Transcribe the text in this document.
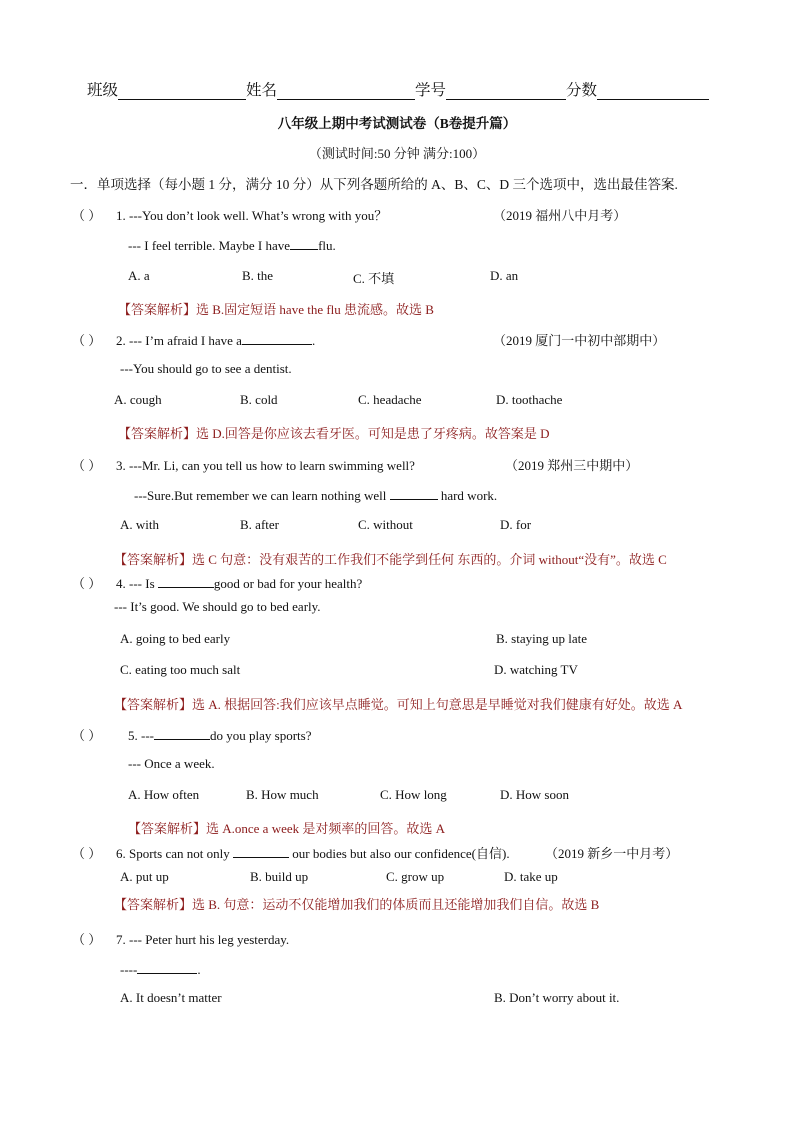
班级	姓名	学号	分数
八年级上期中考试测试卷（B卷提升篇）
（测试时间:50 分钟 满分:100）
一．单项选择（每小题 1 分，满分 10 分）从下列各题所给的 A、B、C、D 三个选项中，选出最佳答案.
（ ） 1. ---You don’t look well. What’s wrong with you？	（2019 福州八中月考）
--- I feel terrible. Maybe I have flu.
A. a	B. the	C. 不填	D. an
【答案解析】选 B.固定短语 have the flu 患流感。故选 B
（ ） 2. --- I’m afraid I have a	.	（2019 厦门一中初中部期中）
---You should go to see a dentist.
A. cough	B. cold	C. headache	D. toothache
【答案解析】选 D.回答是你应该去看牙医。可知是患了牙疼病。故答案是 D
（ ） 3. ---Mr. Li, can you tell us how to learn swimming well?	（2019 郑州三中期中）
---Sure.But remember we can learn nothing well	hard work.
A. with	B. after	C. without	D. for
【答案解析】选 C 句意：没有艰苦的工作我们不能学到任何 东西的。介词 without“没有”。故选 C
（ ） 4. --- Is	good or bad for your health?
--- It’s good. We should go to bed early.
A. going to bed early	B. staying up late
C. eating too much salt	D. watching TV
【答案解析】选 A. 根据回答:我们应该早点睡觉。可知上句意思是早睡觉对我们健康有好处。故选 A
（ ） 5. ---	do you play sports?
--- Once a week.
A. How often	B. How much	C. How long	D. How soon
【答案解析】选 A.once a week 是对频率的回答。故选 A
（ ） 6. Sports can not only	our bodies but also our confidence(自信).	（2019 新乡一中月考）
A. put up	B. build up	C. grow up	D. take up
【答案解析】选 B. 句意：运动不仅能增加我们的体质而且还能增加我们自信。故选 B
（ ） 7. --- Peter hurt his leg yesterday.
----	.
A. It doesn’t matter	B. Don’t worry about it.
